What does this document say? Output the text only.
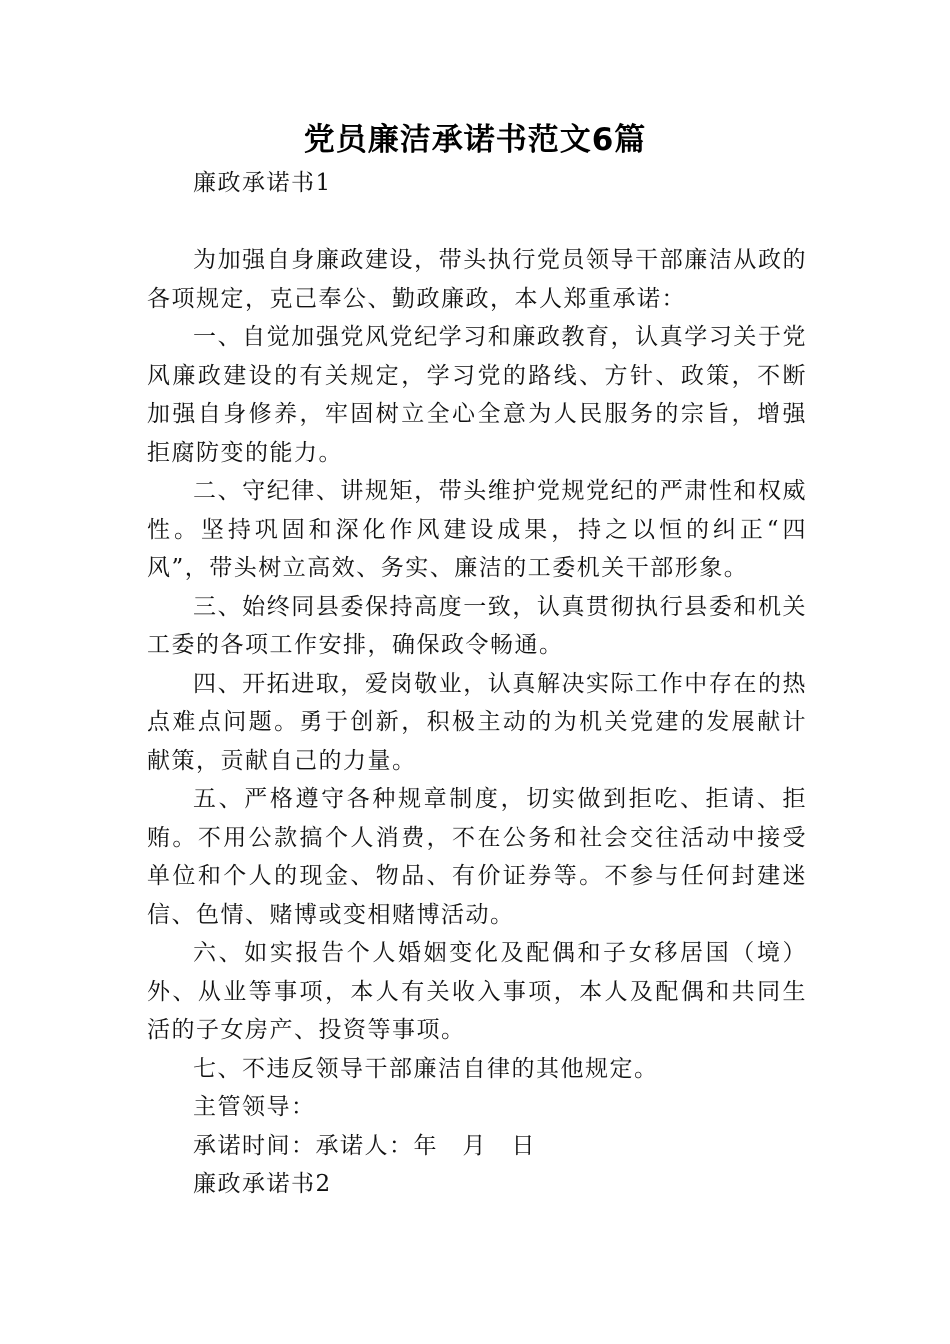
党员廉洁承诺书范文6篇

廉政承诺书1

为加强自身廉政建设，带头执行党员领导干部廉洁从政的各项规定，克己奉公、勤政廉政，本人郑重承诺：

一、自觉加强党风党纪学习和廉政教育，认真学习关于党风廉政建设的有关规定，学习党的路线、方针、政策，不断加强自身修养，牢固树立全心全意为人民服务的宗旨，增强拒腐防变的能力。

二、守纪律、讲规矩，带头维护党规党纪的严肃性和权威性。坚持巩固和深化作风建设成果，持之以恒的纠正“四风”，带头树立高效、务实、廉洁的工委机关干部形象。

三、始终同县委保持高度一致，认真贯彻执行县委和机关工委的各项工作安排，确保政令畅通。

四、开拓进取，爱岗敬业，认真解决实际工作中存在的热点难点问题。勇于创新，积极主动的为机关党建的发展献计献策，贡献自己的力量。

五、严格遵守各种规章制度，切实做到拒吃、拒请、拒贿。不用公款搞个人消费，不在公务和社会交往活动中接受单位和个人的现金、物品、有价证券等。不参与任何封建迷信、色情、赌博或变相赌博活动。

六、如实报告个人婚姻变化及配偶和子女移居国（境）外、从业等事项，本人有关收入事项，本人及配偶和共同生活的子女房产、投资等事项。

七、不违反领导干部廉洁自律的其他规定。

主管领导：

承诺时间：承诺人：年　月　日

廉政承诺书2
